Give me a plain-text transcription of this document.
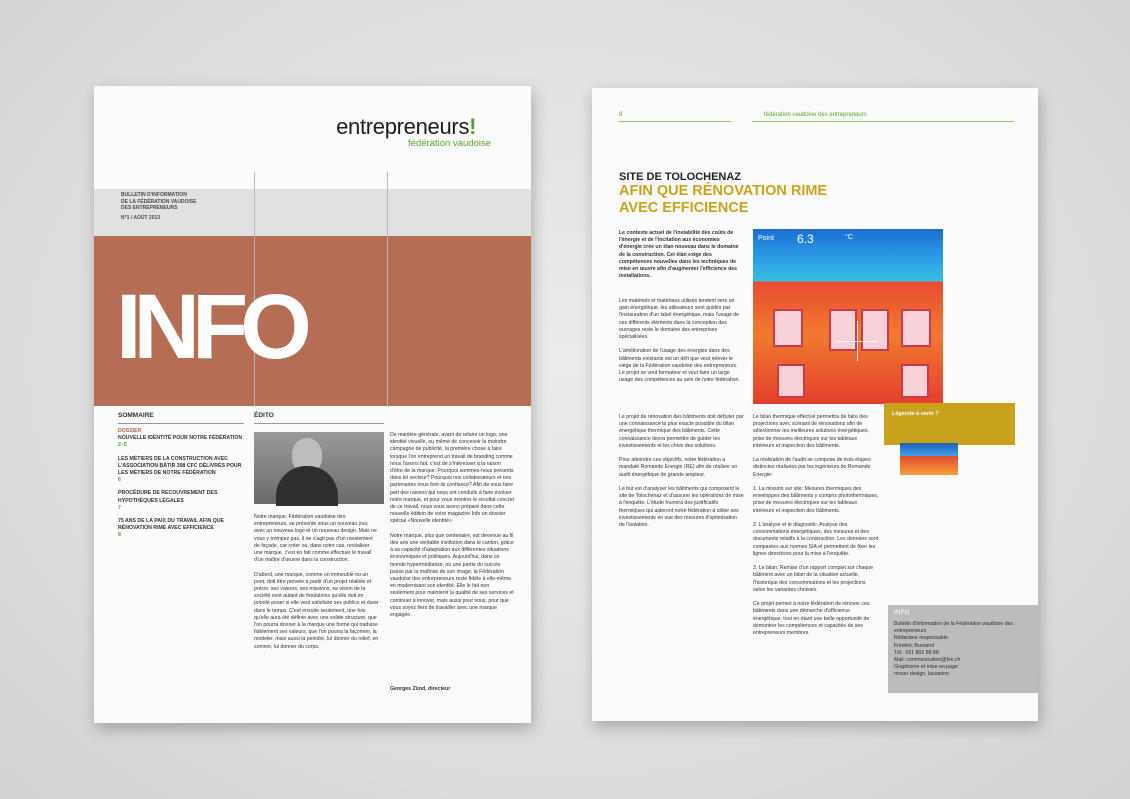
entrepreneurs!
fédération vaudoise
BULLETIN D'INFORMATION
DE LA FÉDÉRATION VAUDOISE
DES ENTREPRENEURS
N°1 / AOÛT 2013
INFO
SOMMAIRE
DOSSIER
NOUVELLE IDENTITÉ POUR NOTRE FÉDÉRATION
2–5
LES MÉTIERS DE LA CONSTRUCTION AVEC L'ASSOCIATION BÂTIR 398 CFC DÉLIVRÉS POUR LES MÉTIERS DE NOTRE FÉDÉRATION
6
PROCÉDURE DE RECOUVREMENT DES HYPOTHÈQUES LÉGALES
7
75 ANS DE LA PAIX DU TRAVAIL AFIN QUE RÉNOVATION RIME AVEC EFFICIENCE
8
ÉDITO
Notre marque, Fédération vaudoise des entrepreneurs, se présente sous un nouveau jour, avec un nouveau logo et un nouveau design. Mais ne vous y trompez pas, il ne s'agit pas d'un ravalement de façade, car créer ou, dans notre cas, revitaliser une marque, c'est en fait comme effectuer le travail d'un maître d'œuvre dans la construction.

D'abord, une marque, comme un immeuble ou un pont, doit être pensée à partir d'un projet réaliste et précis: ses valeurs, ses missions, sa vision de la société sont autant de fondations qu'elle doit en priorité poser si elle veut satisfaire ses publics et durer dans le temps. C'est ensuite seulement, une fois qu'elle aura été définie avec une solide structure, que l'on pourra donner à la marque une forme qui traduise fidèlement ses valeurs, que l'on pourra la façonner, la modeler, mais aussi la peindre, lui donner du relief, en somme, lui donner du corps.
De manière générale, avant de refaire un logo, une identité visuelle, ou même de concevoir la moindre campagne de publicité, la première chose à faire lorsque l'on entreprend un travail de branding comme nous l'avons fait, c'est de s'intéresser à la raison d'être de la marque: Pourquoi sommes-nous présents dans tel secteur? Pourquoi nos collaborateurs et nos partenaires nous font-ils confiance? Afin de vous faire part des raisons qui nous ont conduits à faire évoluer notre marque, et pour vous montrer le résultat concret de ce travail, nous vous avons préparé dans cette nouvelle édition de votre magazine Info un dossier spécial «Nouvelle identité».

Notre marque, plus que centenaire, est devenue au fil des ans une véritable institution dans le canton, grâce à sa capacité d'adaptation aux différentes situations économiques et politiques. Aujourd'hui, dans ce monde hypermédiatisé, où une partie du succès passe par la maîtrise de son image, la Fédération vaudoise des entrepreneurs reste fidèle à elle-même en modernisant son identité. Elle le fait non seulement pour maintenir la qualité de ses services et continuer à innover, mais aussi pour vous, pour que vous soyez fiers de travailler avec une marque engagée.
Georges Zünd, directeur
8	fédération vaudoise des entrepreneurs
SITE DE TOLOCHENAZ
AFIN QUE RÉNOVATION RIME
AVEC EFFICIENCE
Le contexte actuel de l'instabilité des coûts de l'énergie et de l'incitation aux économies d'énergie crée un élan nouveau dans le domaine de la construction. Cet élan exige des compétences nouvelles dans les techniques de mise en œuvre afin d'augmenter l'efficience des installations.
Les matériels et matériaux utilisés tendent vers un gain énergétique, les utilisateurs sont guidés par l'instauration d'un label énergétique, mais l'usage de ces différents éléments dans la conception des ouvrages reste le domaine des entreprises spécialisées.

L'amélioration de l'usage des énergies dans des bâtiments existants est un défi que veut relever le siège de la Fédération vaudoise des entrepreneurs. Le projet se veut formateur et veut faire un large usage des compétences au sein de notre fédération.
Point 6.3	°C
Légende à venir ?
Le projet de rénovation des bâtiments doit débuter par une connaissance la plus exacte possible du bilan énergétique thermique des bâtiments. Cette connaissance devra permettre de guider les investissements et les choix des solutions.

Pour atteindre ces objectifs, notre fédération a mandaté Romande Energie (RE) afin de réaliser un audit énergétique de grande ampleur.

Le but est d'analyser les bâtiments qui composent le site de Tolochenaz et d'assurer les opérations de mise à l'enquête. L'étude fournira des justificatifs thermiques qui aideront notre fédération à cibler ses investissements en vue des mesures d'optimisation de l'isolation.
Le bilan thermique effectué permettra de faire des projections avec scénarii de rénovations afin de sélectionner les meilleures solutions énergétiques, prise de mesures électriques sur les tableaux intérieurs et inspection des bâtiments.

La réalisation de l'audit se compose de trois étapes distinctes réalisées par les ingénieurs de Romande Energie:

1. La mission sur site: Mesures thermiques des enveloppes des bâtiments y compris photothermiques, prise de mesures électriques sur les tableaux intérieurs et inspection des bâtiments.

2. L'analyse et le diagnostic: Analyse des consommations énergétiques, des mesures et des documents relatifs à la construction. Les données sont comparées aux normes SIA et permettent de fixer les lignes directrices pour la mise à l'enquête.

3. Le bilan: Remise d'un rapport complet sur chaque bâtiment avec un bilan de la situation actuelle, l'historique des consommations et les projections selon les variantes choisies.

Ce projet permet à notre fédération de rénover ces bâtiments dans une démarche d'efficience énergétique, tout en étant une belle opportunité de démontrer les compétences et capacités de ses entrepreneurs membres.
INFO
Bulletin d'information de la Fédération vaudoise des entrepreneurs
Rédacteur responsable:
Frédéric Burnand
Tél.: 021 802 88 88
Mail: communication@fve.ch
Graphisme et mise en page:
moser design, lausanne
